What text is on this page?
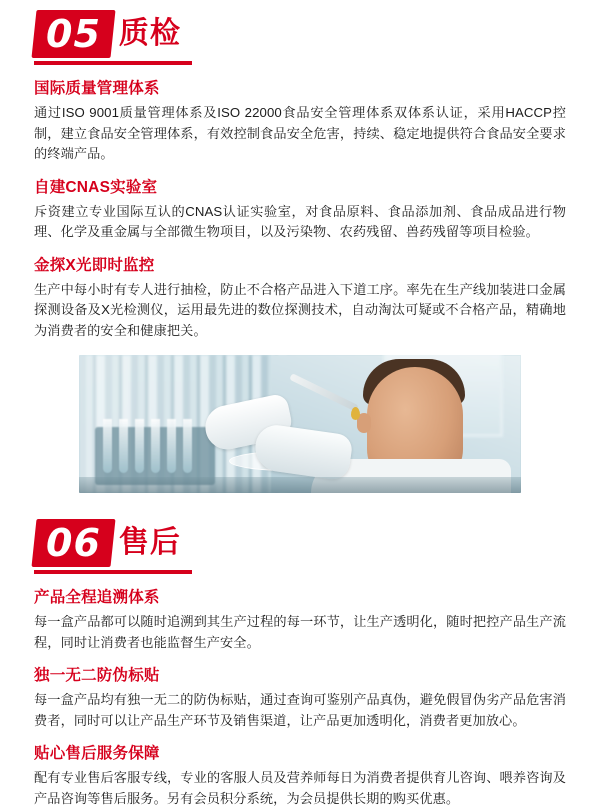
05 质检
国际质量管理体系
通过ISO 9001质量管理体系及ISO 22000食品安全管理体系双体系认证，采用HACCP控制，建立食品安全管理体系，有效控制食品安全危害，持续、稳定地提供符合食品安全要求的终端产品。
自建CNAS实验室
斥资建立专业国际互认的CNAS认证实验室，对食品原料、食品添加剂、食品成品进行物理、化学及重金属与全部微生物项目，以及污染物、农药残留、兽药残留等项目检验。
金探X光即时监控
生产中每小时有专人进行抽检，防止不合格产品进入下道工序。率先在生产线加装进口金属探测设备及X光检测仪，运用最先进的数位探测技术，自动淘汰可疑或不合格产品，精确地为消费者的安全和健康把关。
06 售后
产品全程追溯体系
每一盒产品都可以随时追溯到其生产过程的每一环节，让生产透明化，随时把控产品生产流程，同时让消费者也能监督生产安全。
独一无二防伪标贴
每一盒产品均有独一无二的防伪标贴，通过查询可鉴别产品真伪，避免假冒伪劣产品危害消费者，同时可以让产品生产环节及销售渠道，让产品更加透明化，消费者更加放心。
贴心售后服务保障
配有专业售后客服专线，专业的客服人员及营养师每日为消费者提供育儿咨询、喂养咨询及产品咨询等售后服务。另有会员积分系统，为会员提供长期的购买优惠。
